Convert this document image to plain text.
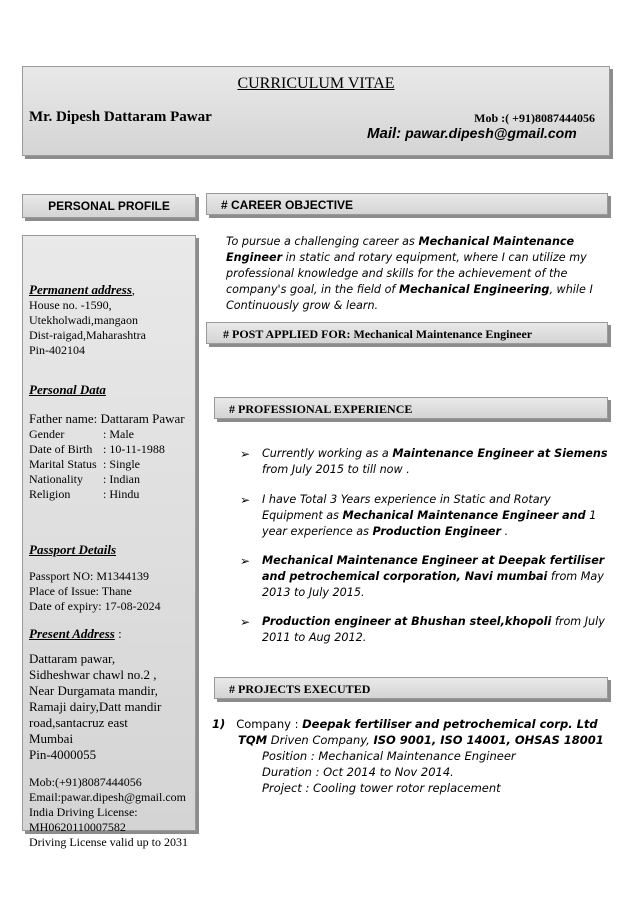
CURRICULUM VITAE
Mr. Dipesh Dattaram Pawar	Mob :( +91)8087444056
Mail: pawar.dipesh@gmail.com
PERSONAL PROFILE	# CAREER OBJECTIVE
# POST APPLIED FOR: Mechanical Maintenance Engineer
# PROFESSIONAL EXPERIENCE
# PROJECTS EXECUTED
Permanent address,
House no. -1590,
Utekholwadi,mangaon
Dist-raigad,Maharashtra
Pin-402104
Personal Data
Father name: Dattaram Pawar
Gender	: Male
Date of Birth : 10-11-1988
Marital Status : Single
Nationality	: Indian
Religion	: Hindu
Passport Details
Passport NO: M1344139
Place of Issue: Thane
Date of expiry: 17-08-2024
Present Address :
Dattaram pawar,
Sidheshwar chawl no.2 ,
Near Durgamata mandir,
Ramaji dairy,Datt mandir
road,santacruz east
Mumbai
Pin-4000055
Mob:(+91)8087444056
Email:pawar.dipesh@gmail.com
India Driving License:
MH0620110007582
Driving License valid up to 2031
To pursue a challenging career as Mechanical Maintenance Engineer in static and rotary equipment, where I can utilize my professional knowledge and skills for the achievement of the company's goal, in the field of Mechanical Engineering, while I Continuously grow & learn.
➢ Currently working as a Maintenance Engineer at Siemens from July 2015 to till now .
➢ I have Total 3 Years experience in Static and Rotary Equipment as Mechanical Maintenance Engineer and 1 year experience as Production Engineer .
➢ Mechanical Maintenance Engineer at Deepak fertiliser and petrochemical corporation, Navi mumbai from May 2013 to July 2015.
➢ Production engineer at Bhushan steel,khopoli from July 2011 to Aug 2012.
1) Company : Deepak fertiliser and petrochemical corp. Ltd
TQM Driven Company, ISO 9001, ISO 14001, OHSAS 18001
Position : Mechanical Maintenance Engineer
Duration : Oct 2014 to Nov 2014.
Project : Cooling tower rotor replacement
